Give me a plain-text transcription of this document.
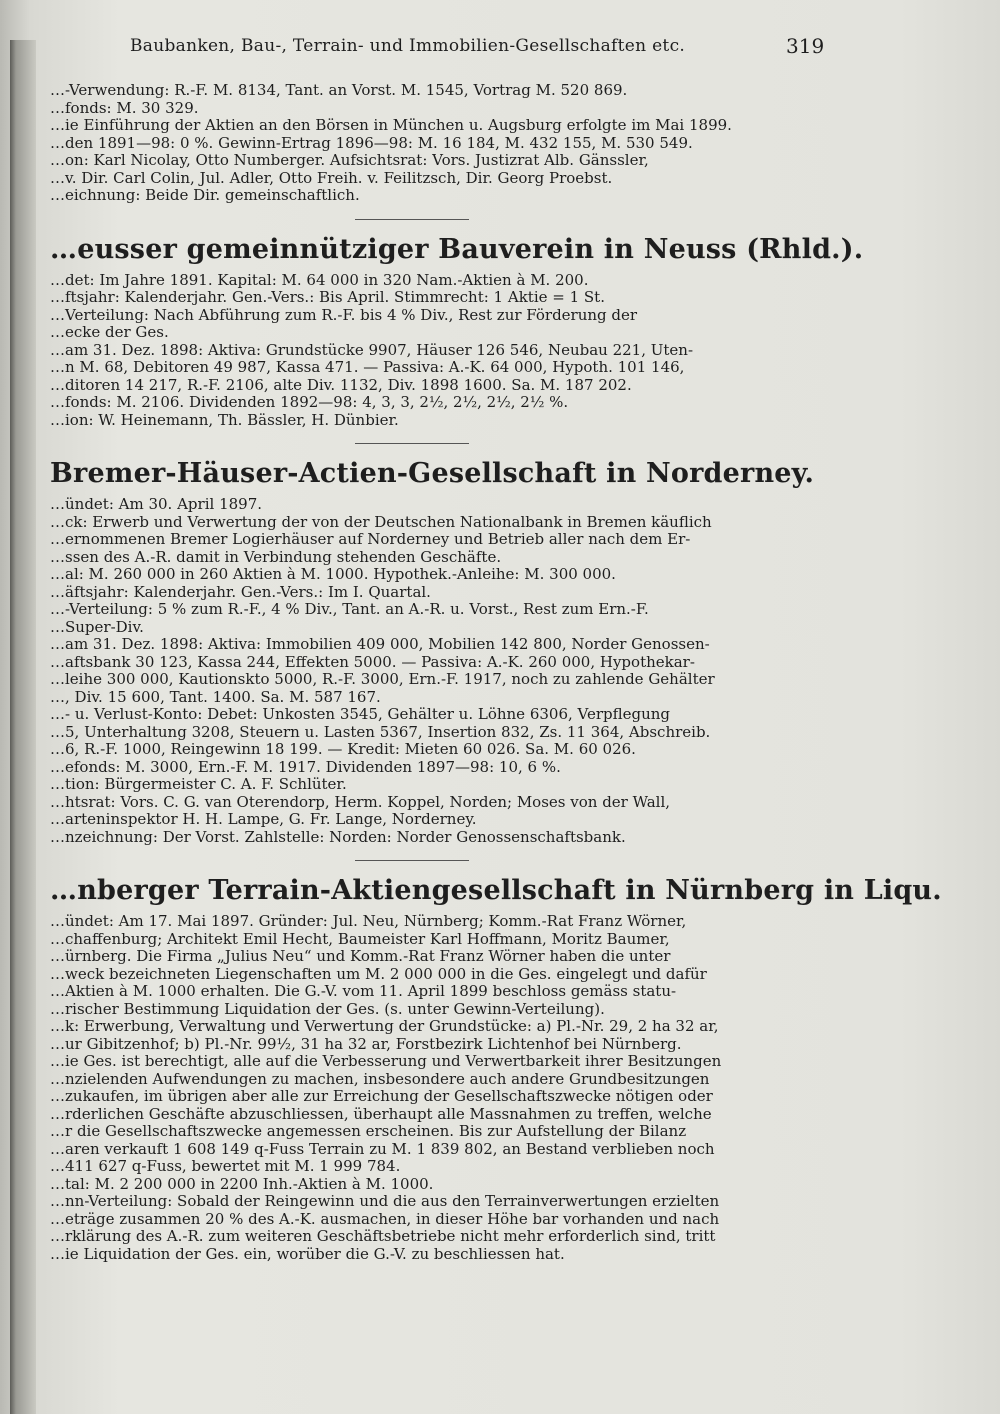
Baubanken, Bau-, Terrain- und Immobilien-Gesellschaften etc.	319
…-Verwendung: R.-F. M. 8134, Tant. an Vorst. M. 1545, Vortrag M. 520 869.
…fonds: M. 30 329.
…ie Einführung der Aktien an den Börsen in München u. Augsburg erfolgte im Mai 1899.
…den 1891—98: 0 %. Gewinn-Ertrag 1896—98: M. 16 184, M. 432 155, M. 530 549.
…on: Karl Nicolay, Otto Numberger. Aufsichtsrat: Vors. Justizrat Alb. Gänssler,
…v. Dir. Carl Colin, Jul. Adler, Otto Freih. v. Feilitzsch, Dir. Georg Proebst.
…eichnung: Beide Dir. gemeinschaftlich.
…eusser gemeinnütziger Bauverein in Neuss (Rhld.).
…det: Im Jahre 1891. Kapital: M. 64 000 in 320 Nam.-Aktien à M. 200.
…ftsjahr: Kalenderjahr. Gen.-Vers.: Bis April. Stimmrecht: 1 Aktie = 1 St.
…Verteilung: Nach Abführung zum R.-F. bis 4 % Div., Rest zur Förderung der
…ecke der Ges.
…am 31. Dez. 1898: Aktiva: Grundstücke 9907, Häuser 126 546, Neubau 221, Uten-
…n M. 68, Debitoren 49 987, Kassa 471. — Passiva: A.-K. 64 000, Hypoth. 101 146,
…ditoren 14 217, R.-F. 2106, alte Div. 1132, Div. 1898 1600. Sa. M. 187 202.
…fonds: M. 2106. Dividenden 1892—98: 4, 3, 3, 2½, 2½, 2½, 2½ %.
…ion: W. Heinemann, Th. Bässler, H. Dünbier.
Bremer-Häuser-Actien-Gesellschaft in Norderney.
…ündet: Am 30. April 1897.
…ck: Erwerb und Verwertung der von der Deutschen Nationalbank in Bremen käuflich
…ernommenen Bremer Logierhäuser auf Norderney und Betrieb aller nach dem Er-
…ssen des A.-R. damit in Verbindung stehenden Geschäfte.
…al: M. 260 000 in 260 Aktien à M. 1000. Hypothek.-Anleihe: M. 300 000.
…äftsjahr: Kalenderjahr. Gen.-Vers.: Im I. Quartal.
…-Verteilung: 5 % zum R.-F., 4 % Div., Tant. an A.-R. u. Vorst., Rest zum Ern.-F.
…Super-Div.
…am 31. Dez. 1898: Aktiva: Immobilien 409 000, Mobilien 142 800, Norder Genossen-
…aftsbank 30 123, Kassa 244, Effekten 5000. — Passiva: A.-K. 260 000, Hypothekar-
…leihe 300 000, Kautionskto 5000, R.-F. 3000, Ern.-F. 1917, noch zu zahlende Gehälter
…, Div. 15 600, Tant. 1400. Sa. M. 587 167.
…- u. Verlust-Konto: Debet: Unkosten 3545, Gehälter u. Löhne 6306, Verpflegung
…5, Unterhaltung 3208, Steuern u. Lasten 5367, Insertion 832, Zs. 11 364, Abschreib.
…6, R.-F. 1000, Reingewinn 18 199. — Kredit: Mieten 60 026. Sa. M. 60 026.
…efonds: M. 3000, Ern.-F. M. 1917. Dividenden 1897—98: 10, 6 %.
…tion: Bürgermeister C. A. F. Schlüter.
…htsrat: Vors. C. G. van Oterendorp, Herm. Koppel, Norden; Moses von der Wall,
…arteninspektor H. H. Lampe, G. Fr. Lange, Norderney.
…nzeichnung: Der Vorst. Zahlstelle: Norden: Norder Genossenschaftsbank.
…nberger Terrain-Aktiengesellschaft in Nürnberg in Liqu.
…ündet: Am 17. Mai 1897. Gründer: Jul. Neu, Nürnberg; Komm.-Rat Franz Wörner,
…chaffenburg; Architekt Emil Hecht, Baumeister Karl Hoffmann, Moritz Baumer,
…ürnberg. Die Firma „Julius Neu“ und Komm.-Rat Franz Wörner haben die unter
…weck bezeichneten Liegenschaften um M. 2 000 000 in die Ges. eingelegt und dafür
…Aktien à M. 1000 erhalten. Die G.-V. vom 11. April 1899 beschloss gemäss statu-
…rischer Bestimmung Liquidation der Ges. (s. unter Gewinn-Verteilung).
…k: Erwerbung, Verwaltung und Verwertung der Grundstücke: a) Pl.-Nr. 29, 2 ha 32 ar,
…ur Gibitzenhof; b) Pl.-Nr. 99½, 31 ha 32 ar, Forstbezirk Lichtenhof bei Nürnberg.
…ie Ges. ist berechtigt, alle auf die Verbesserung und Verwertbarkeit ihrer Besitzungen
…nzielenden Aufwendungen zu machen, insbesondere auch andere Grundbesitzungen
…zukaufen, im übrigen aber alle zur Erreichung der Gesellschaftszwecke nötigen oder
…rderlichen Geschäfte abzuschliessen, überhaupt alle Massnahmen zu treffen, welche
…r die Gesellschaftszwecke angemessen erscheinen. Bis zur Aufstellung der Bilanz
…aren verkauft 1 608 149 q-Fuss Terrain zu M. 1 839 802, an Bestand verblieben noch
…411 627 q-Fuss, bewertet mit M. 1 999 784.
…tal: M. 2 200 000 in 2200 Inh.-Aktien à M. 1000.
…nn-Verteilung: Sobald der Reingewinn und die aus den Terrainverwertungen erzielten
…eträge zusammen 20 % des A.-K. ausmachen, in dieser Höhe bar vorhanden und nach
…rklärung des A.-R. zum weiteren Geschäftsbetriebe nicht mehr erforderlich sind, tritt
…ie Liquidation der Ges. ein, worüber die G.-V. zu beschliessen hat.
